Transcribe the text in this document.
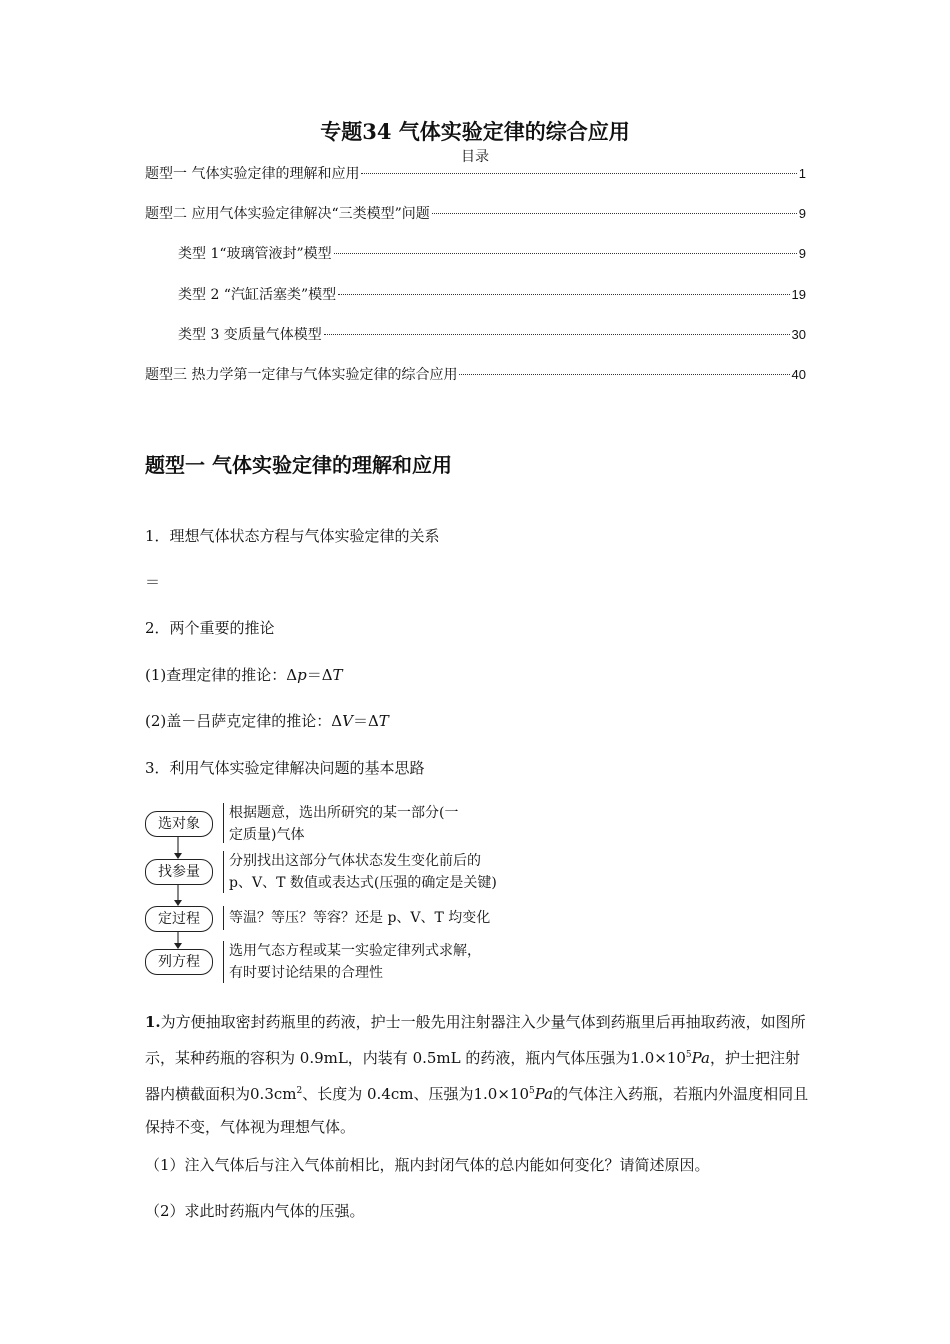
专题34 气体实验定律的综合应用
目录
题型一 气体实验定律的理解和应用	1
题型二 应用气体实验定律解决“三类模型”问题	9
类型 1“玻璃管液封”模型	9
类型 2 “汽缸活塞类”模型	19
类型 3 变质量气体模型	30
题型三 热力学第一定律与气体实验定律的综合应用	40
题型一 气体实验定律的理解和应用
1．理想气体状态方程与气体实验定律的关系
＝
2．两个重要的推论
(1)查理定律的推论：Δp＝ΔT
(2)盖－吕萨克定律的推论：ΔV＝ΔT
3．利用气体实验定律解决问题的基本思路
选对象
根据题意，选出所研究的某一部分(一
定质量)气体
找参量
分别找出这部分气体状态发生变化前后的
p、V、T 数值或表达式(压强的确定是关键)
定过程	等温？等压？等容？还是 p、V、T 均变化
列方程
选用气态方程或某一实验定律列式求解，
有时要讨论结果的合理性
1.为方便抽取密封药瓶里的药液，护士一般先用注射器注入少量气体到药瓶里后再抽取药液，如图所示，某种药瓶的容积为 0.9mL，内装有 0.5mL 的药液，瓶内气体压强为$1.0\times 10^5Pa$，护士把注射器内横截面积为$0.3cm^2$、长度为 0.4cm、压强为$1.0\times 10^5Pa$的气体注入药瓶，若瓶内外温度相同且保持不变，气体视为理想气体。
（1）注入气体后与注入气体前相比，瓶内封闭气体的总内能如何变化？请简述原因。
（2）求此时药瓶内气体的压强。
